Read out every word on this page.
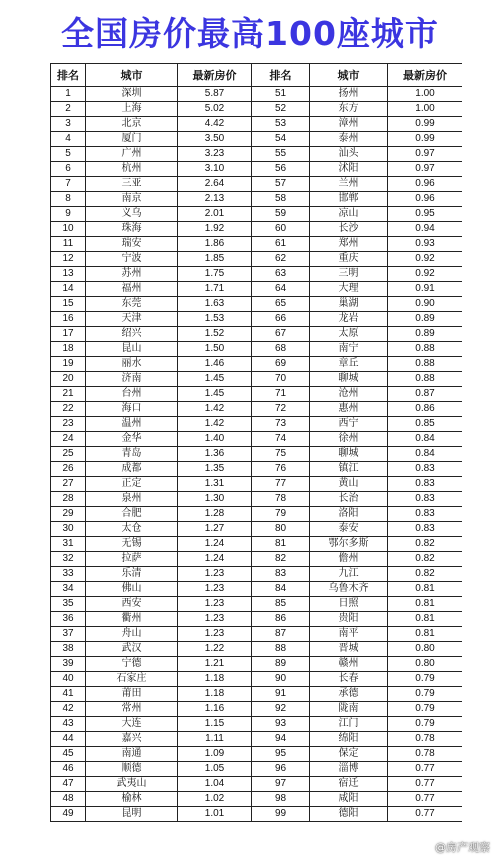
全国房价最高100座城市
排名	城市	最新房价	排名	城市	最新房价
1	深圳	5.87	51	扬州	1.00
2	上海	5.02	52	东方	1.00
3	北京	4.42	53	漳州	0.99
4	厦门	3.50	54	泰州	0.99
5	广州	3.23	55	汕头	0.97
6	杭州	3.10	56	沭阳	0.97
7	三亚	2.64	57	兰州	0.96
8	南京	2.13	58	邯郸	0.96
9	义乌	2.01	59	凉山	0.95
10	珠海	1.92	60	长沙	0.94
11	瑞安	1.86	61	郑州	0.93
12	宁波	1.85	62	重庆	0.92
13	苏州	1.75	63	三明	0.92
14	福州	1.71	64	大理	0.91
15	东莞	1.63	65	巢湖	0.90
16	天津	1.53	66	龙岩	0.89
17	绍兴	1.52	67	太原	0.89
18	昆山	1.50	68	南宁	0.88
19	丽水	1.46	69	章丘	0.88
20	济南	1.45	70	聊城	0.88
21	台州	1.45	71	沧州	0.87
22	海口	1.42	72	惠州	0.86
23	温州	1.42	73	西宁	0.85
24	金华	1.40	74	徐州	0.84
25	青岛	1.36	75	聊城	0.84
26	成都	1.35	76	镇江	0.83
27	正定	1.31	77	黄山	0.83
28	泉州	1.30	78	长治	0.83
29	合肥	1.28	79	洛阳	0.83
30	太仓	1.27	80	泰安	0.83
31	无锡	1.24	81	鄂尔多斯	0.82
32	拉萨	1.24	82	儋州	0.82
33	乐清	1.23	83	九江	0.82
34	佛山	1.23	84	乌鲁木齐	0.81
35	西安	1.23	85	日照	0.81
36	衢州	1.23	86	贵阳	0.81
37	舟山	1.23	87	南平	0.81
38	武汉	1.22	88	晋城	0.80
39	宁德	1.21	89	赣州	0.80
40	石家庄	1.18	90	长春	0.79
41	莆田	1.18	91	承德	0.79
42	常州	1.16	92	陇南	0.79
43	大连	1.15	93	江门	0.79
44	嘉兴	1.11	94	绵阳	0.78
45	南通	1.09	95	保定	0.78
46	顺德	1.05	96	淄博	0.77
47	武夷山	1.04	97	宿迁	0.77
48	榆林	1.02	98	咸阳	0.77
49	昆明	1.01	99	德阳	0.77
@房产观察
